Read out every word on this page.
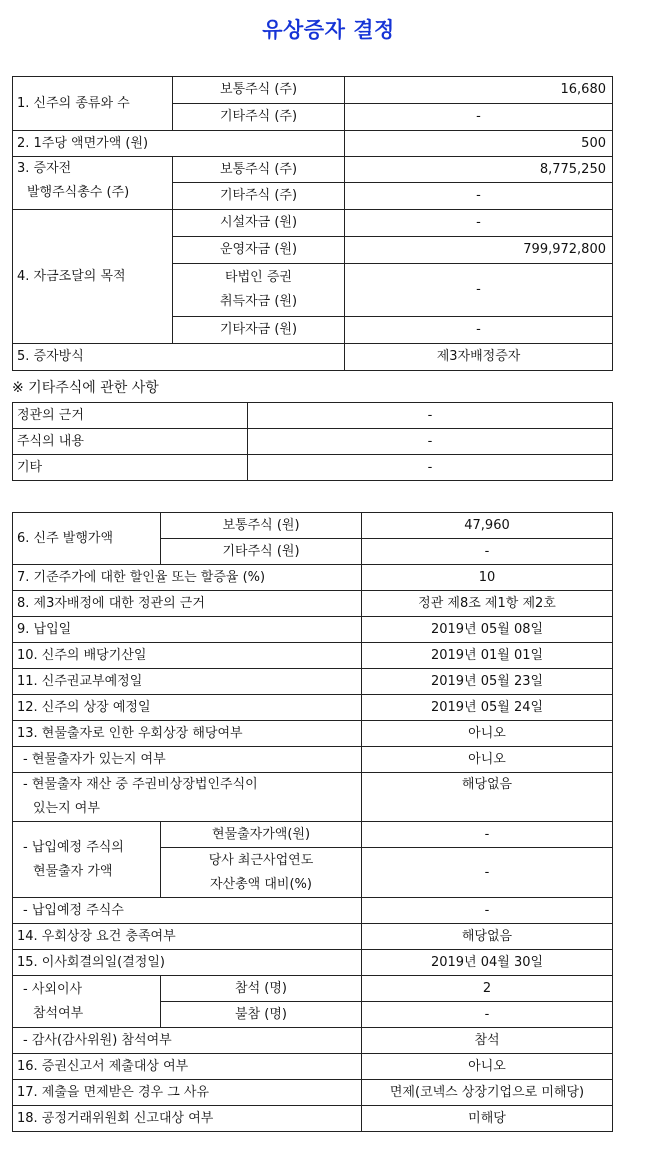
유상증자 결정
1. 신주의 종류와 수	보통주식 (주)	16,680
	기타주식 (주)	-
2. 1주당 액면가액 (원)		500

3. 증자전
발행주식총수 (주)	보통주식 (주)	8,775,250
	기타주식 (주)	-
4. 자금조달의 목적	시설자금 (원)	-
	운영자금 (원)	799,972,800

	타법인 증권
취득자금 (원)	-
	기타자금 (원)	-
5. 증자방식		제3자배정증자
※ 기타주식에 관한 사항
정관의 근거	-
주식의 내용	-
기타	-
6. 신주 발행가액	보통주식 (원)	47,960
	기타주식 (원)	-
7. 기준주가에 대한 할인율 또는 할증율 (%)		10
8. 제3자배정에 대한 정관의 근거		정관 제8조 제1항 제2호
9. 납입일		2019년 05월 08일
10. 신주의 배당기산일		2019년 01월 01일
11. 신주권교부예정일		2019년 05월 23일
12. 신주의 상장 예정일		2019년 05월 24일
13. 현물출자로 인한 우회상장 해당여부		아니오
- 현물출자가 있는지 여부		아니오

- 현물출자 재산 중 주권비상장법인주식이
있는지 여부		해당없음

- 납입예정 주식의
현물출자 가액	현물출자가액(원)	-

	당사 최근사업연도
자산총액 대비(%)	-
- 납입예정 주식수		-
14. 우회상장 요건 충족여부		해당없음
15. 이사회결의일(결정일)		2019년 04월 30일

- 사외이사
참석여부	참석 (명)	2
	불참 (명)	-
- 감사(감사위원) 참석여부		참석
16. 증권신고서 제출대상 여부		아니오
17. 제출을 면제받은 경우 그 사유		면제(코넥스 상장기업으로 미해당)
18. 공정거래위원회 신고대상 여부		미해당
